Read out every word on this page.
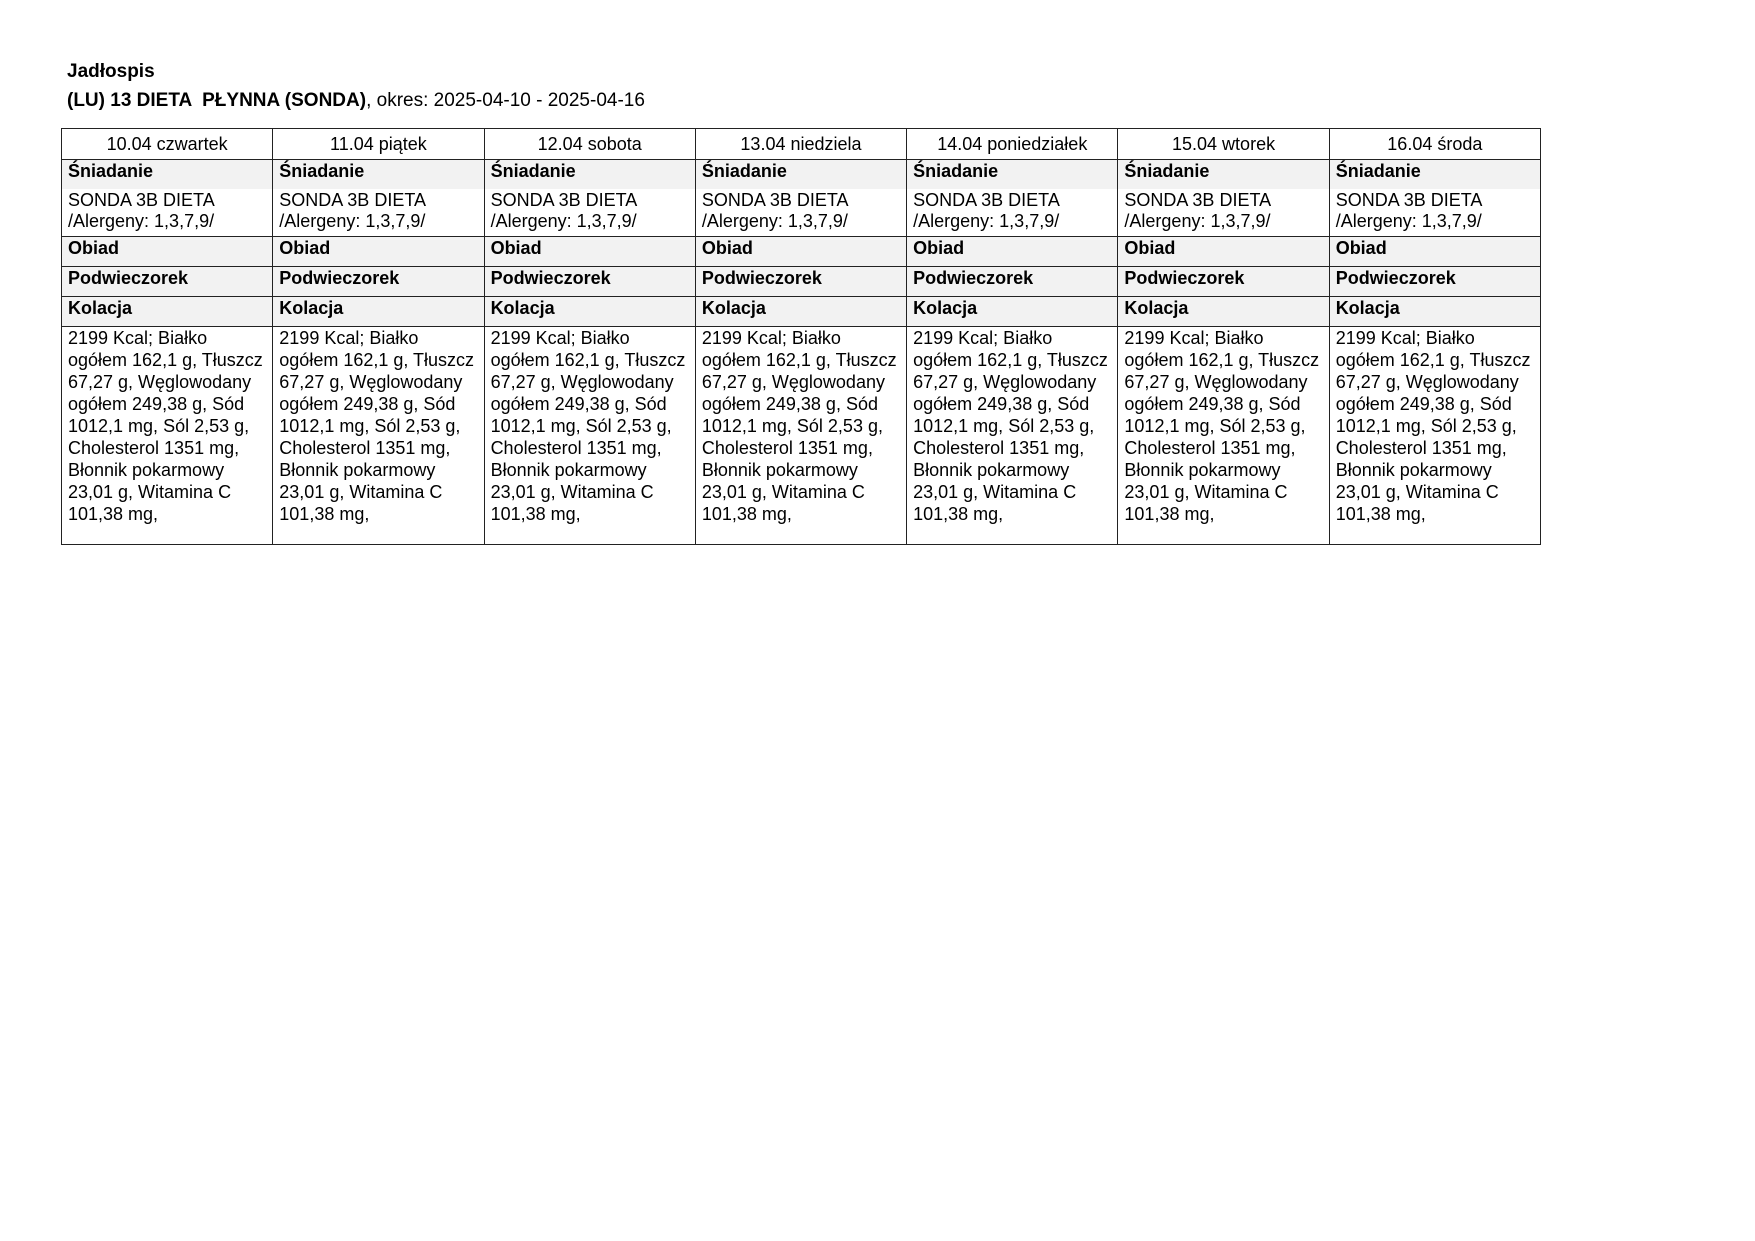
Jadłospis
(LU) 13 DIETA  PŁYNNA (SONDA), okres: 2025-04-10 - 2025-04-16
10.04 czwartek	11.04 piątek	12.04 sobota	13.04 niedziela	14.04 poniedziałek	15.04 wtorek	16.04 środa
Śniadanie	Śniadanie	Śniadanie	Śniadanie	Śniadanie	Śniadanie	Śniadanie
SONDA 3B DIETA /Alergeny: 1,3,7,9/	SONDA 3B DIETA /Alergeny: 1,3,7,9/	SONDA 3B DIETA /Alergeny: 1,3,7,9/	SONDA 3B DIETA /Alergeny: 1,3,7,9/	SONDA 3B DIETA /Alergeny: 1,3,7,9/	SONDA 3B DIETA /Alergeny: 1,3,7,9/	SONDA 3B DIETA /Alergeny: 1,3,7,9/
Obiad	Obiad	Obiad	Obiad	Obiad	Obiad	Obiad
Podwieczorek	Podwieczorek	Podwieczorek	Podwieczorek	Podwieczorek	Podwieczorek	Podwieczorek
Kolacja	Kolacja	Kolacja	Kolacja	Kolacja	Kolacja	Kolacja
2199 Kcal; Białko ogółem 162,1 g, Tłuszcz 67,27 g, Węglowodany ogółem 249,38 g, Sód 1012,1 mg, Sól 2,53 g, Cholesterol 1351 mg, Błonnik pokarmowy 23,01 g, Witamina C 101,38 mg,	2199 Kcal; Białko ogółem 162,1 g, Tłuszcz 67,27 g, Węglowodany ogółem 249,38 g, Sód 1012,1 mg, Sól 2,53 g, Cholesterol 1351 mg, Błonnik pokarmowy 23,01 g, Witamina C 101,38 mg,	2199 Kcal; Białko ogółem 162,1 g, Tłuszcz 67,27 g, Węglowodany ogółem 249,38 g, Sód 1012,1 mg, Sól 2,53 g, Cholesterol 1351 mg, Błonnik pokarmowy 23,01 g, Witamina C 101,38 mg,	2199 Kcal; Białko ogółem 162,1 g, Tłuszcz 67,27 g, Węglowodany ogółem 249,38 g, Sód 1012,1 mg, Sól 2,53 g, Cholesterol 1351 mg, Błonnik pokarmowy 23,01 g, Witamina C 101,38 mg,	2199 Kcal; Białko ogółem 162,1 g, Tłuszcz 67,27 g, Węglowodany ogółem 249,38 g, Sód 1012,1 mg, Sól 2,53 g, Cholesterol 1351 mg, Błonnik pokarmowy 23,01 g, Witamina C 101,38 mg,	2199 Kcal; Białko ogółem 162,1 g, Tłuszcz 67,27 g, Węglowodany ogółem 249,38 g, Sód 1012,1 mg, Sól 2,53 g, Cholesterol 1351 mg, Błonnik pokarmowy 23,01 g, Witamina C 101,38 mg,	2199 Kcal; Białko ogółem 162,1 g, Tłuszcz 67,27 g, Węglowodany ogółem 249,38 g, Sód 1012,1 mg, Sól 2,53 g, Cholesterol 1351 mg, Błonnik pokarmowy 23,01 g, Witamina C 101,38 mg,
